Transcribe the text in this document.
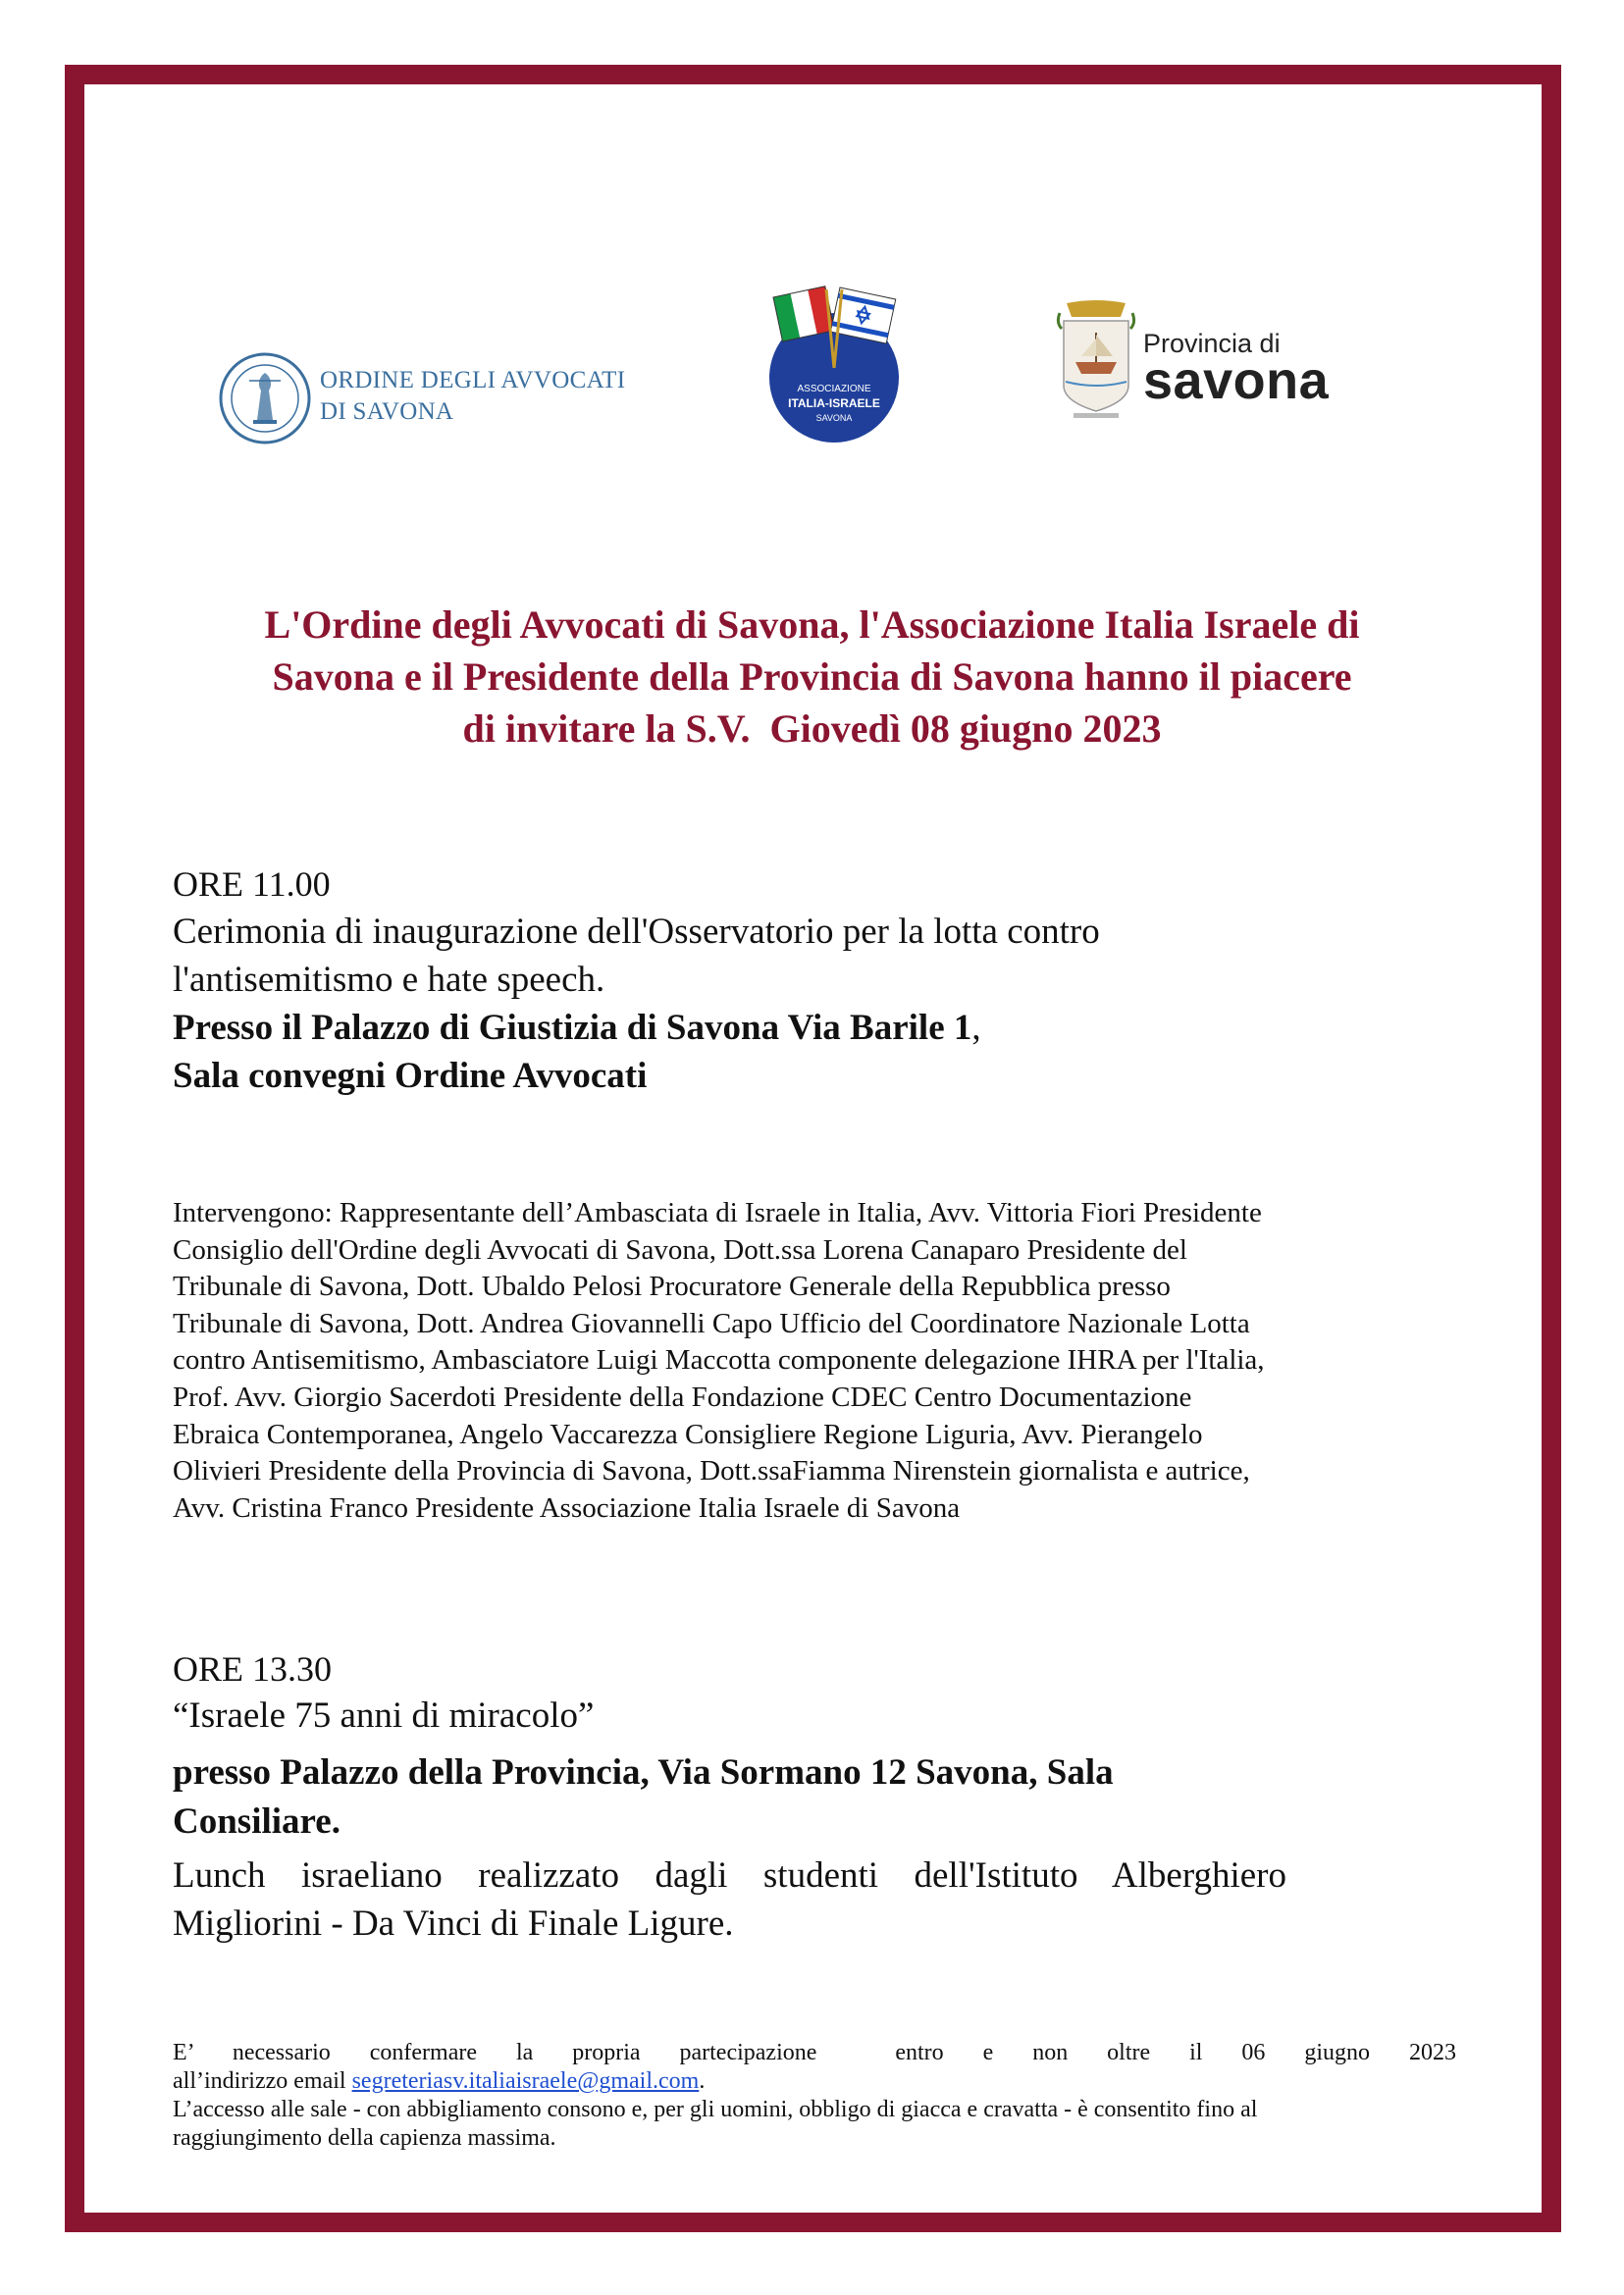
ORDINE DEGLI AVVOCATI
DI SAVONA
ASSOCIAZIONE
ITALIA-ISRAELE
SAVONA
Provincia di
savona
L'Ordine degli Avvocati di Savona, l'Associazione Italia Israele di
Savona e il Presidente della Provincia di Savona hanno il piacere
di invitare la S.V.  Giovedì 08 giugno 2023
ORE 11.00
Cerimonia di inaugurazione dell'Osservatorio per la lotta contro
l'antisemitismo e hate speech.
Presso il Palazzo di Giustizia di Savona Via Barile 1,
Sala convegni Ordine Avvocati
Intervengono: Rappresentante dell’Ambasciata di Israele in Italia, Avv. Vittoria Fiori Presidente
Consiglio dell'Ordine degli Avvocati di Savona, Dott.ssa Lorena Canaparo Presidente del
Tribunale di Savona, Dott. Ubaldo Pelosi Procuratore Generale della Repubblica presso
Tribunale di Savona, Dott. Andrea Giovannelli Capo Ufficio del Coordinatore Nazionale Lotta
contro Antisemitismo, Ambasciatore Luigi Maccotta componente delegazione IHRA per l'Italia,
Prof. Avv. Giorgio Sacerdoti Presidente della Fondazione CDEC Centro Documentazione
Ebraica Contemporanea, Angelo Vaccarezza Consigliere Regione Liguria, Avv. Pierangelo
Olivieri Presidente della Provincia di Savona, Dott.ssaFiamma Nirenstein giornalista e autrice,
Avv. Cristina Franco Presidente Associazione Italia Israele di Savona
ORE 13.30
“Israele 75 anni di miracolo”
presso Palazzo della Provincia, Via Sormano 12 Savona, Sala
Consiliare.
Lunch israeliano realizzato dagli studenti dell'Istituto Alberghiero
Migliorini - Da Vinci di Finale Ligure.
E’ necessario confermare la propria partecipazione  entro e non oltre il 06 giugno 2023
all’indirizzo email segreteriasv.italiaisraele@gmail.com.
L’accesso alle sale - con abbigliamento consono e, per gli uomini, obbligo di giacca e cravatta - è consentito fino al
raggiungimento della capienza massima.
